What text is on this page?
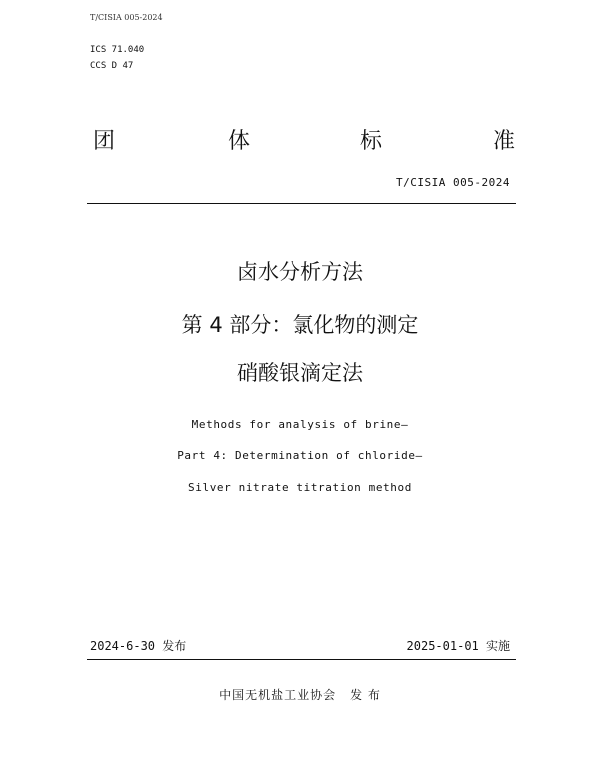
T/CISIA 005-2024
ICS 71.040
CCS D 47
团	体	标	准
T/CISIA 005-2024
卤水分析方法
第 4 部分：氯化物的测定
硝酸银滴定法
Methods for analysis of brine—
Part 4: Determination of chloride—
Silver nitrate titration method
2024-6-30 发布	2025-01-01 实施
中国无机盐工业协会 发 布
